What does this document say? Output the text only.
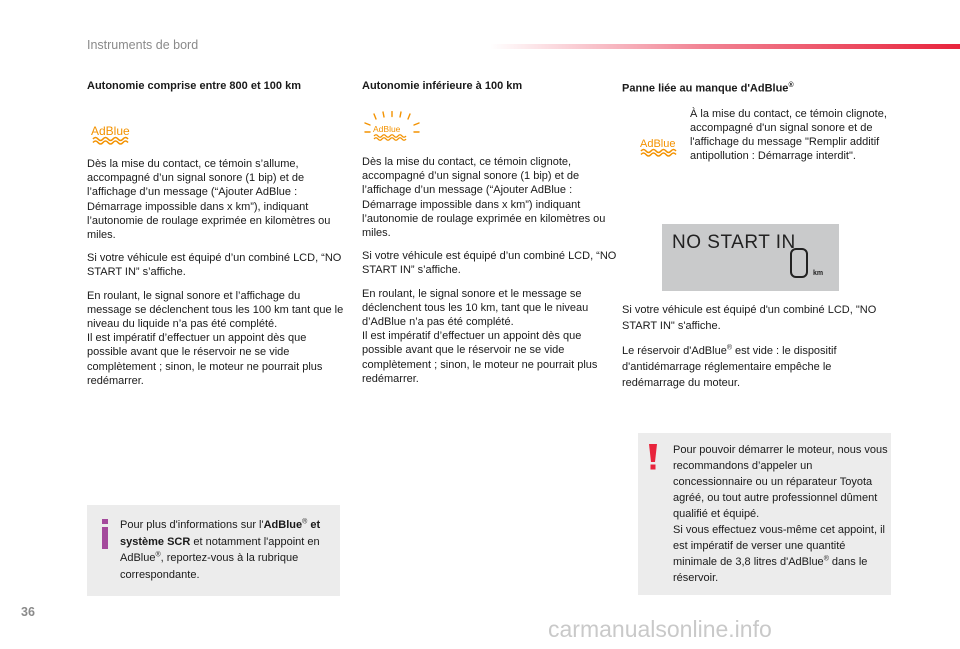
Instruments de bord
Autonomie comprise entre 800 et 100 km
AdBlue

Dès la mise du contact, ce témoin s’allume, accompagné d’un signal sonore (1 bip) et de l’affichage d’un message (“Ajouter AdBlue : Démarrage impossible dans x km”), indiquant l’autonomie de roulage exprimée en kilomètres ou miles.

Si votre véhicule est équipé d’un combiné LCD, “NO START IN” s’affiche.

En roulant, le signal sonore et l’affichage du message se déclenchent tous les 100 km tant que le niveau du liquide n’a pas été complété.
Il est impératif d’effectuer un appoint dès que possible avant que le réservoir ne se vide complètement ; sinon, le moteur ne pourrait plus redémarrer.

Autonomie inférieure à 100 km
AdBlue

Dès la mise du contact, ce témoin clignote, accompagné d’un signal sonore (1 bip) et de l’affichage d’un message (“Ajouter AdBlue : Démarrage impossible dans x km”) indiquant l’autonomie de roulage exprimée en kilomètres ou miles.

Si votre véhicule est équipé d’un combiné LCD, “NO START IN” s’affiche.

En roulant, le signal sonore et le message se déclenchent tous les 10 km, tant que le niveau d’AdBlue n’a pas été complété.
Il est impératif d’effectuer un appoint dès que possible avant que le réservoir ne se vide complètement ; sinon, le moteur ne pourrait plus redémarrer.

Panne liée au manque d'AdBlue®
AdBlue

À la mise du contact, ce témoin clignote, accompagné d'un signal sonore et de l'affichage du message "Remplir additif antipollution : Démarrage interdit".

NO START IN
km

Si votre véhicule est équipé d'un combiné LCD, "NO START IN" s'affiche.

Le réservoir d'AdBlue® est vide : le dispositif d'antidémarrage réglementaire empêche le redémarrage du moteur.

Pour plus d'informations sur l'AdBlue® et système SCR et notamment l'appoint en AdBlue®, reportez-vous à la rubrique correspondante.

Pour pouvoir démarrer le moteur, nous vous recommandons d’appeler un concessionnaire ou un réparateur Toyota agréé, ou tout autre professionnel dûment qualifié et équipé.
Si vous effectuez vous-même cet appoint, il est impératif de verser une quantité minimale de 3,8 litres d'AdBlue® dans le réservoir.

36
carmanualsonline.info
